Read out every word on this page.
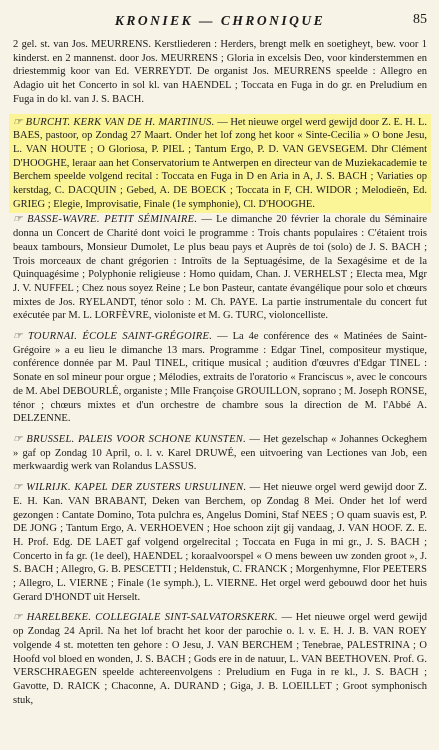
KRONIEK — CHRONIQUE	85

2 gel. st. van Jos. MEURRENS. Kerstliederen : Herders, brengt melk en soetigheyt, bew. voor 1 kinderst. en 2 mannenst. door Jos. MEURRENS ; Gloria in excelsis Deo, voor kinderstemmen en driestemmig koor van Ed. VERREYDT. De organist Jos. MEURRENS speelde : Allegro en Adagio uit het Concerto in sol kl. van HAENDEL ; Toccata en Fuga in do gr. en Preludium en Fuga in do kl. van J. S. BACH.

☞ BURCHT. KERK VAN DE H. MARTINUS. — Het nieuwe orgel werd gewijd door Z. E. H. L. BAES, pastoor, op Zondag 27 Maart. Onder het lof zong het koor « Sinte-Cecilia » O bone Jesu, L. VAN HOUTE ; O Gloriosa, P. PIEL ; Tantum Ergo, P. D. VAN GEVSEGEM. Dhr Clément D'HOOGHE, leraar aan het Conservatorium te Antwerpen en directeur van de Muziekacademie te Berchem speelde volgend recital : Toccata en Fuga in D en Aria in A, J. S. BACH ; Variaties op kerstdag, C. DACQUIN ; Gebed, A. DE BOECK ; Toccata in F, CH. WIDOR ; Melodieën, Ed. GRIEG ; Elegie, Improvisatie, Finale (1e symphonie), Cl. D'HOOGHE.

☞ BASSE-WAVRE. PETIT SÉMINAIRE. — Le dimanche 20 février la chorale du Séminaire donna un Concert de Charité dont voici le programme : Trois chants populaires : C'étaient trois beaux tambours, Monsieur Dumolet, Le plus beau pays et Auprès de toi (solo) de J. S. BACH ; Trois morceaux de chant grégorien : Introïts de la Septuagésime, de la Sexagésime et de la Quinquagésime ; Polyphonie religieuse : Homo quidam, Chan. J. VERHELST ; Electa mea, Mgr J. V. NUFFEL ; Chez nous soyez Reine ; Le bon Pasteur, cantate évangélique pour solo et chœurs mixtes de Jos. RYELANDT, ténor solo : M. Ch. PAYE. La partie instrumentale du concert fut exécutée par M. L. LORFÈVRE, violoniste et M. G. TURC, violoncelliste.

☞ TOURNAI. ÉCOLE SAINT-GRÉGOIRE. — La 4e conférence des « Matinées de Saint-Grégoire » a eu lieu le dimanche 13 mars. Programme : Edgar Tinel, compositeur mystique, conférence donnée par M. Paul TINEL, critique musical ; audition d'œuvres d'Edgar TINEL : Sonate en sol mineur pour orgue ; Mélodies, extraits de l'oratorio « Franciscus », avec le concours de M. Abel DEBOURLÉ, organiste ; Mlle Françoise GROUILLON, soprano ; M. Joseph RONSE, ténor ; chœurs mixtes et d'un orchestre de chambre sous la direction de M. l'Abbé A. DELZENNE.

☞ BRUSSEL. PALEIS VOOR SCHONE KUNSTEN. — Het gezelschap « Johannes Ockeghem » gaf op Zondag 10 April, o. l. v. Karel DRUWÉ, een uitvoering van Lectiones van Job, een merkwaardig werk van Rolandus LASSUS.

☞ WILRIJK. KAPEL DER ZUSTERS URSULINEN. — Het nieuwe orgel werd gewijd door Z. E. H. Kan. VAN BRABANT, Deken van Berchem, op Zondag 8 Mei. Onder het lof werd gezongen : Cantate Domino, Tota pulchra es, Angelus Domini, Staf NEES ; O quam suavis est, P. DE JONG ; Tantum Ergo, A. VERHOEVEN ; Hoe schoon zijt gij vandaag, J. VAN HOOF. Z. E. H. Prof. Edg. DE LAET gaf volgend orgelrecital ; Toccata en Fuga in mi gr., J. S. BACH ; Concerto in fa gr. (1e deel), HAENDEL ; koraalvoorspel « O mens beween uw zonden groot », J. S. BACH ; Allegro, G. B. PESCETTI ; Heldenstuk, C. FRANCK ; Morgenhymne, Flor PEETERS ; Allegro, L. VIERNE ; Finale (1e symph.), L. VIERNE. Het orgel werd gebouwd door het huis Gerard D'HONDT uit Herselt.

☞ HARELBEKE. COLLEGIALE SINT-SALVATORSKERK. — Het nieuwe orgel werd gewijd op Zondag 24 April. Na het lof bracht het koor der parochie o. l. v. E. H. J. B. VAN ROEY volgende 4 st. motetten ten gehore : O Jesu, J. VAN BERCHEM ; Tenebrae, PALESTRINA ; O Hoofd vol bloed en wonden, J. S. BACH ; Gods ere in de natuur, L. VAN BEETHOVEN. Prof. G. VERSCHRAEGEN speelde achtereenvolgens : Preludium en Fuga in re kl., J. S. BACH ; Gavotte, D. RAICK ; Chaconne, A. DURAND ; Giga, J. B. LOEILLET ; Groot symphonisch stuk,
